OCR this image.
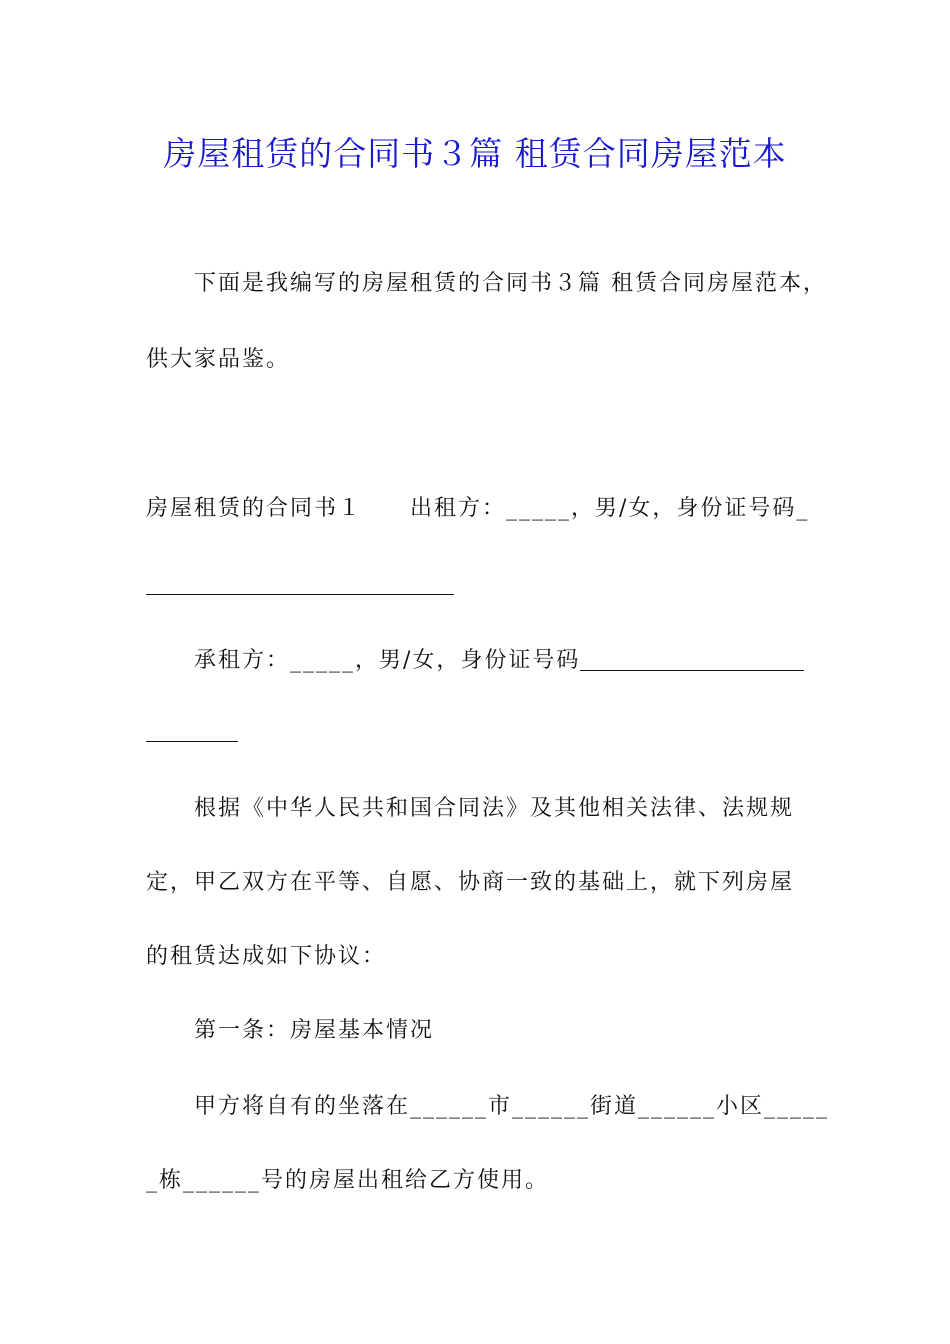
房屋租赁的合同书３篇 租赁合同房屋范本
下面是我编写的房屋租赁的合同书３篇 租赁合同房屋范本，
供大家品鉴。
房屋租赁的合同书１　　出租方：_____，男/女，身份证号码_
承租方：_____，男/女，身份证号码
根据《中华人民共和国合同法》及其他相关法律、法规规
定，甲乙双方在平等、自愿、协商一致的基础上，就下列房屋
的租赁达成如下协议：
第一条：房屋基本情况
甲方将自有的坐落在______市______街道______小区_____
_栋______号的房屋出租给乙方使用。
